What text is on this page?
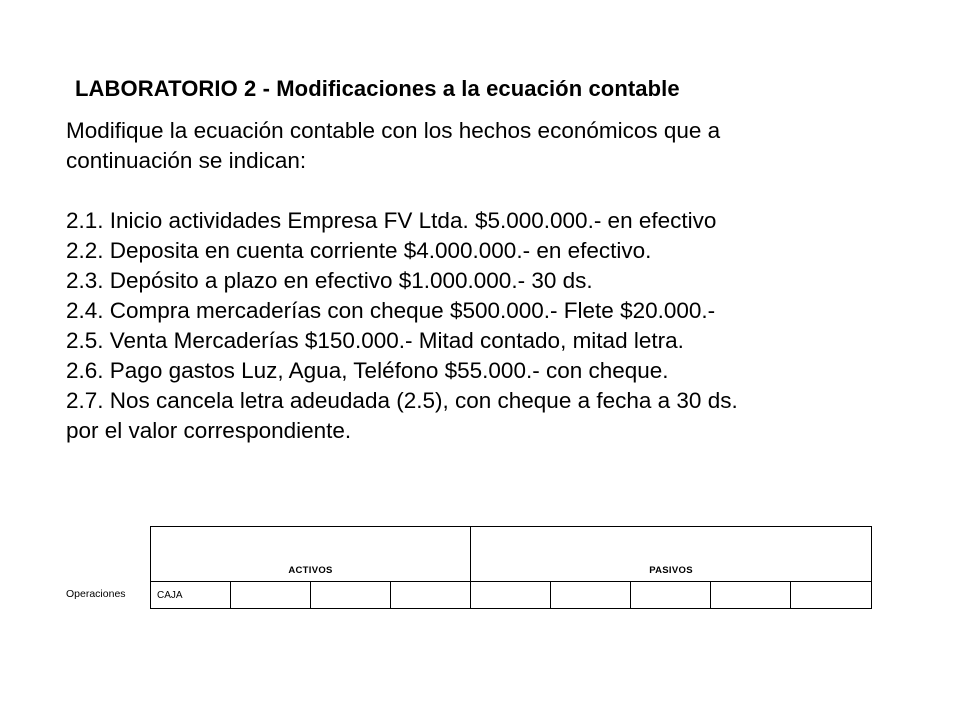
LABORATORIO 2 - Modificaciones a la ecuación contable
Modifique la ecuación contable con los hechos económicos que a
continuación se indican:
2.1. Inicio actividades Empresa FV Ltda. $5.000.000.- en efectivo
2.2. Deposita en cuenta corriente $4.000.000.- en efectivo.
2.3. Depósito a plazo en efectivo $1.000.000.- 30 ds.
2.4. Compra mercaderías con cheque $500.000.- Flete $20.000.-
2.5. Venta Mercaderías $150.000.- Mitad contado, mitad letra.
2.6. Pago gastos Luz, Agua, Teléfono $55.000.- con cheque.
2.7. Nos cancela letra adeudada (2.5), con cheque a fecha a 30 ds.
por el valor correspondiente.
Operaciones
ACTIVOS				PASIVOS				
CAJA								
